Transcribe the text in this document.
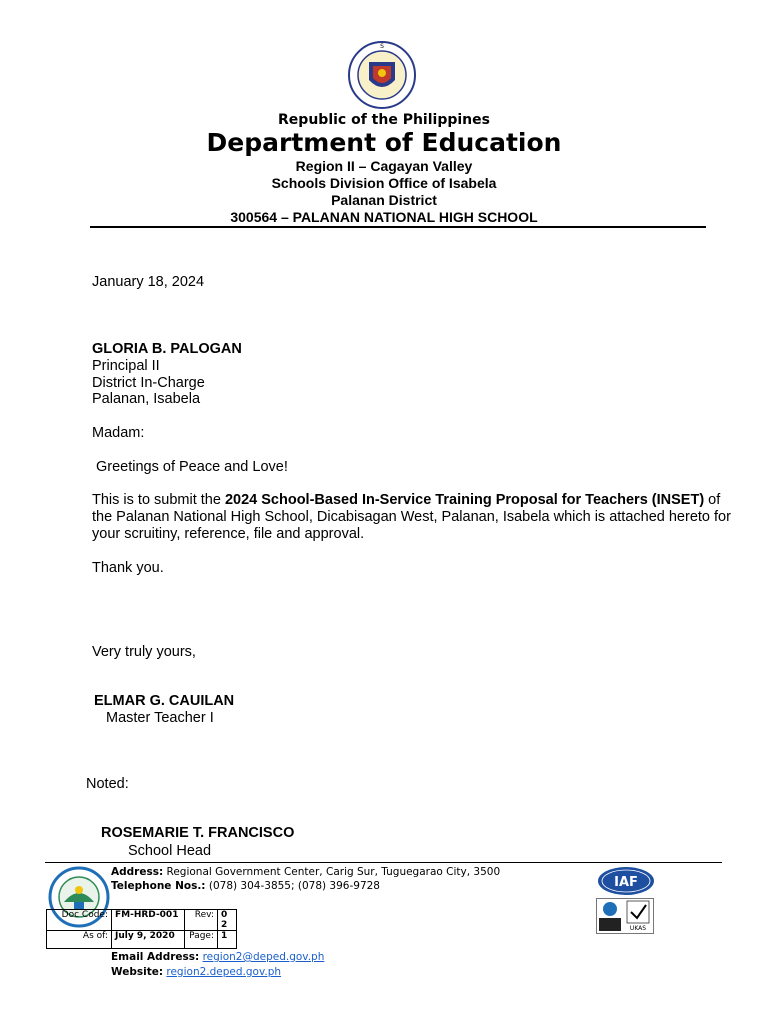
S
Republic of the Philippines
Department of Education
Region II – Cagayan Valley
Schools Division Office of Isabela
Palanan District
300564 – PALANAN NATIONAL HIGH SCHOOL
January 18, 2024
GLORIA B. PALOGAN
Principal II
District In-Charge
Palanan, Isabela
Madam:
Greetings of Peace and Love!
This is to submit the 2024 School-Based In-Service Training Proposal for Teachers (INSET) of the Palanan National High School, Dicabisagan West, Palanan, Isabela which is attached hereto for your scruitiny, reference, file and approval.
Thank you.
Very truly yours,
ELMAR G. CAUILAN
Master Teacher I
Noted:
ROSEMARIE T. FRANCISCO
School Head
Address: Regional Government Center, Carig Sur, Tuguegarao City, 3500
Telephone Nos.: (078) 304-3855; (078) 396-9728
Doc Code:	FM-HRD-001	Rev:	02
As of:	July 9, 2020	Page:	1
Email Address: region2@deped.gov.ph
Website: region2.deped.gov.ph
IAF
UKAS
